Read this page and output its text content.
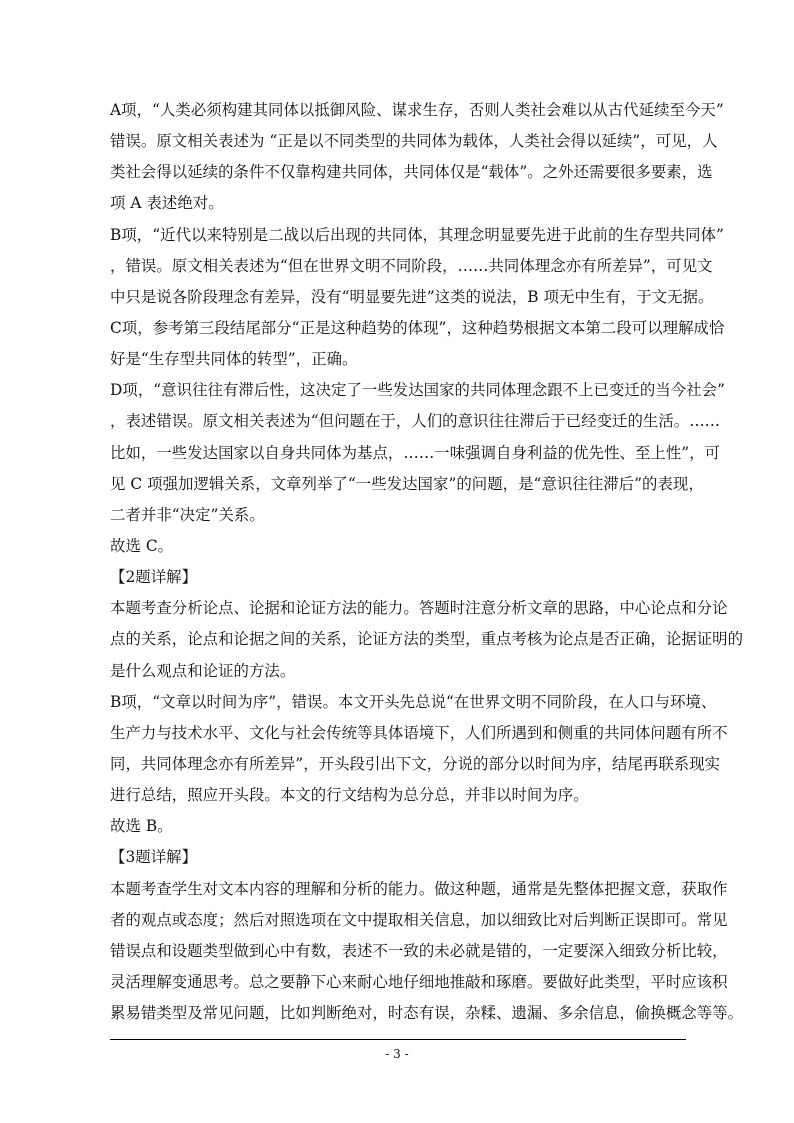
A项，“人类必须构建其同体以抵御风险、谋求生存，否则人类社会难以从古代延续至今天”
错误。原文相关表述为 “正是以不同类型的共同体为载体，人类社会得以延续”，可见，人
类社会得以延续的条件不仅靠构建共同体，共同体仅是“载体”。之外还需要很多要素，选
项 A 表述绝对。
B项，“近代以来特别是二战以后出现的共同体，其理念明显要先进于此前的生存型共同体”
，错误。原文相关表述为“但在世界文明不同阶段，……共同体理念亦有所差异”，可见文
中只是说各阶段理念有差异，没有“明显要先进”这类的说法，B 项无中生有，于文无据。
C项，参考第三段结尾部分“正是这种趋势的体现”，这种趋势根据文本第二段可以理解成恰
好是“生存型共同体的转型”，正确。
D项，“意识往往有滞后性，这决定了一些发达国家的共同体理念跟不上已变迁的当今社会”
，表述错误。原文相关表述为“但问题在于，人们的意识往往滞后于已经变迁的生活。……
比如，一些发达国家以自身共同体为基点，……一味强调自身利益的优先性、至上性”，可
见 C 项强加逻辑关系，文章列举了“一些发达国家”的问题，是“意识往往滞后”的表现，
二者并非“决定”关系。
故选 C。
【2题详解】
本题考查分析论点、论据和论证方法的能力。答题时注意分析文章的思路，中心论点和分论
点的关系，论点和论据之间的关系，论证方法的类型，重点考核为论点是否正确，论据证明的
是什么观点和论证的方法。
B项，“文章以时间为序”，错误。本文开头先总说“在世界文明不同阶段，在人口与环境、
生产力与技术水平、文化与社会传统等具体语境下，人们所遇到和侧重的共同体问题有所不
同，共同体理念亦有所差异”，开头段引出下文，分说的部分以时间为序，结尾再联系现实
进行总结，照应开头段。本文的行文结构为总分总，并非以时间为序。
故选 B。
【3题详解】
本题考查学生对文本内容的理解和分析的能力。做这种题，通常是先整体把握文意，获取作
者的观点或态度；然后对照选项在文中提取相关信息，加以细致比对后判断正误即可。常见
错误点和设题类型做到心中有数，表述不一致的未必就是错的，一定要深入细致分析比较，
灵活理解变通思考。总之要静下心来耐心地仔细地推敲和琢磨。要做好此类型，平时应该积
累易错类型及常见问题，比如判断绝对，时态有误，杂糅、遗漏、多余信息，偷换概念等等。
- 3 -
